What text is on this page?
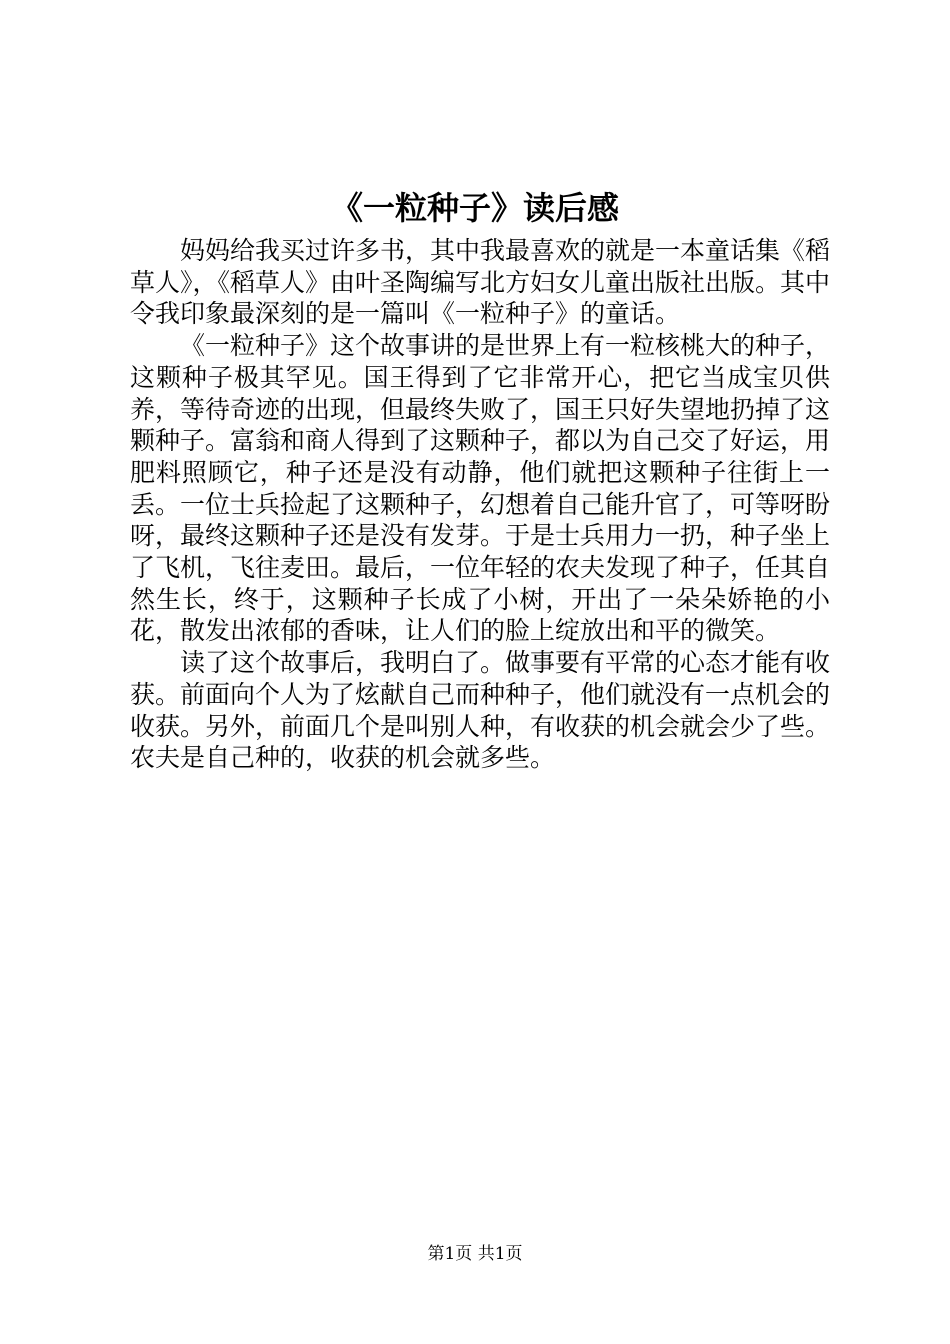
《一粒种子》读后感

妈妈给我买过许多书，其中我最喜欢的就是一本童话集《稻草人》，《稻草人》由叶圣陶编写北方妇女儿童出版社出版。其中令我印象最深刻的是一篇叫《一粒种子》的童话。

《一粒种子》这个故事讲的是世界上有一粒核桃大的种子，这颗种子极其罕见。国王得到了它非常开心，把它当成宝贝供养，等待奇迹的出现，但最终失败了，国王只好失望地扔掉了这颗种子。富翁和商人得到了这颗种子，都以为自己交了好运，用肥料照顾它，种子还是没有动静，他们就把这颗种子往街上一丢。一位士兵捡起了这颗种子，幻想着自己能升官了，可等呀盼呀，最终这颗种子还是没有发芽。于是士兵用力一扔，种子坐上了飞机，飞往麦田。最后，一位年轻的农夫发现了种子，任其自然生长，终于，这颗种子长成了小树，开出了一朵朵娇艳的小花，散发出浓郁的香味，让人们的脸上绽放出和平的微笑。

读了这个故事后，我明白了。做事要有平常的心态才能有收获。前面向个人为了炫献自己而种种子，他们就没有一点机会的收获。另外，前面几个是叫别人种，有收获的机会就会少了些。农夫是自己种的，收获的机会就多些。

第1页 共1页
